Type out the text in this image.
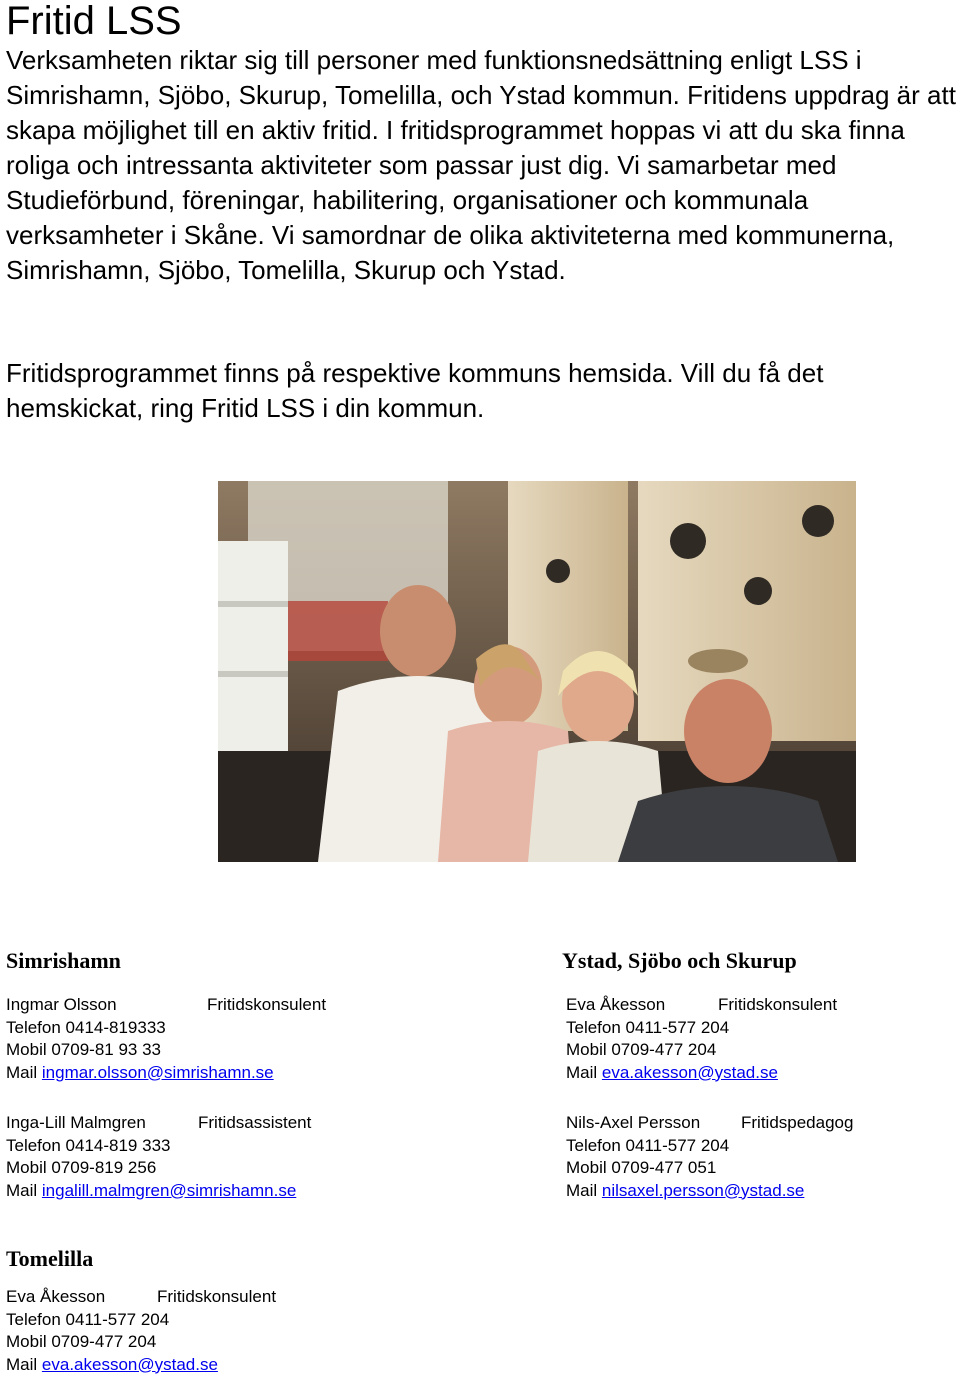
Fritid LSS

Verksamheten riktar sig till personer med funktionsnedsättning enligt LSS i Simrishamn, Sjöbo, Skurup, Tomelilla, och Ystad kommun. Fritidens uppdrag är att skapa möjlighet till en aktiv fritid. I fritidsprogrammet hoppas vi att du ska finna roliga och intressanta aktiviteter som passar just dig. Vi samarbetar med Studieförbund, föreningar, habilitering, organisationer och kommunala verksamheter i Skåne. Vi samordnar de olika aktiviteterna med kommunerna, Simrishamn, Sjöbo, Tomelilla, Skurup och Ystad.

Fritidsprogrammet finns på respektive kommuns hemsida. Vill du få det hemskickat, ring Fritid LSS i din kommun.

Simrishamn
Ingmar Olsson	Fritidskonsulent
Telefon 0414-819333
Mobil 0709-81 93 33
Mail ingmar.olsson@simrishamn.se
Inga-Lill Malmgren	Fritidsassistent
Telefon 0414-819 333
Mobil 0709-819 256
Mail ingalill.malmgren@simrishamn.se
Ystad, Sjöbo och Skurup
Eva Åkesson	Fritidskonsulent
Telefon 0411-577 204
Mobil 0709-477 204
Mail eva.akesson@ystad.se
Nils-Axel Persson Fritidspedagog
Telefon 0411-577 204
Mobil 0709-477 051
Mail nilsaxel.persson@ystad.se
Tomelilla
Eva Åkesson	Fritidskonsulent
Telefon 0411-577 204
Mobil 0709-477 204
Mail eva.akesson@ystad.se
